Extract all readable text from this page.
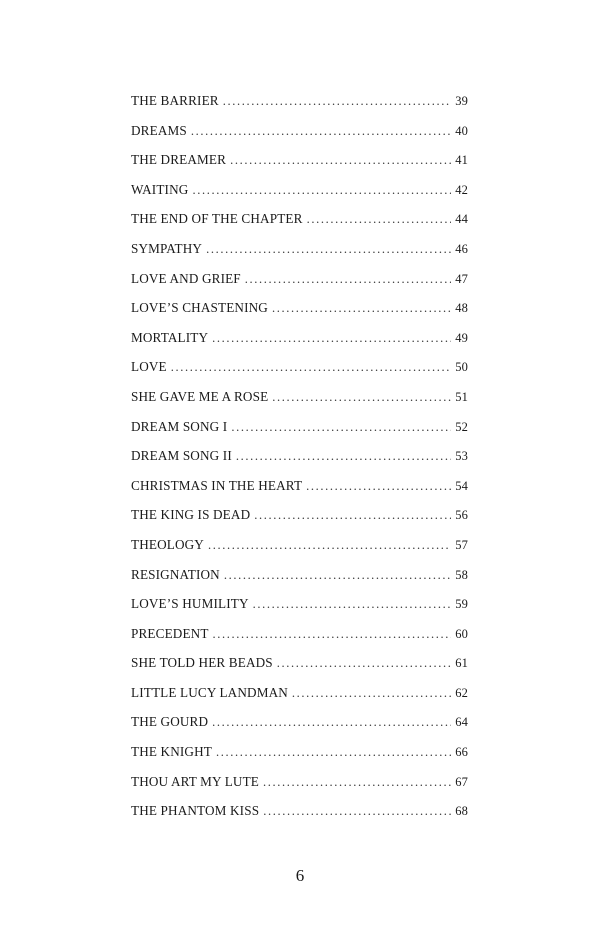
THE BARRIER . . .	39
DREAMS . . .	40
THE DREAMER . . .	41
WAITING . . .	42
THE END OF THE CHAPTER . . .	44
SYMPATHY . . .	46
LOVE AND GRIEF . . .	47
LOVE’S CHASTENING . . .	48
MORTALITY . . .	49
LOVE . . .	50
SHE GAVE ME A ROSE . . .	51
DREAM SONG I . . .	52
DREAM SONG II . . .	53
CHRISTMAS IN THE HEART . . .	54
THE KING IS DEAD . . .	56
THEOLOGY . . .	57
RESIGNATION . . .	58
LOVE’S HUMILITY . . .	59
PRECEDENT . . .	60
SHE TOLD HER BEADS . . .	61
LITTLE LUCY LANDMAN . . .	62
THE GOURD . . .	64
THE KNIGHT . . .	66
THOU ART MY LUTE . . .	67
THE PHANTOM KISS . . .	68
6
